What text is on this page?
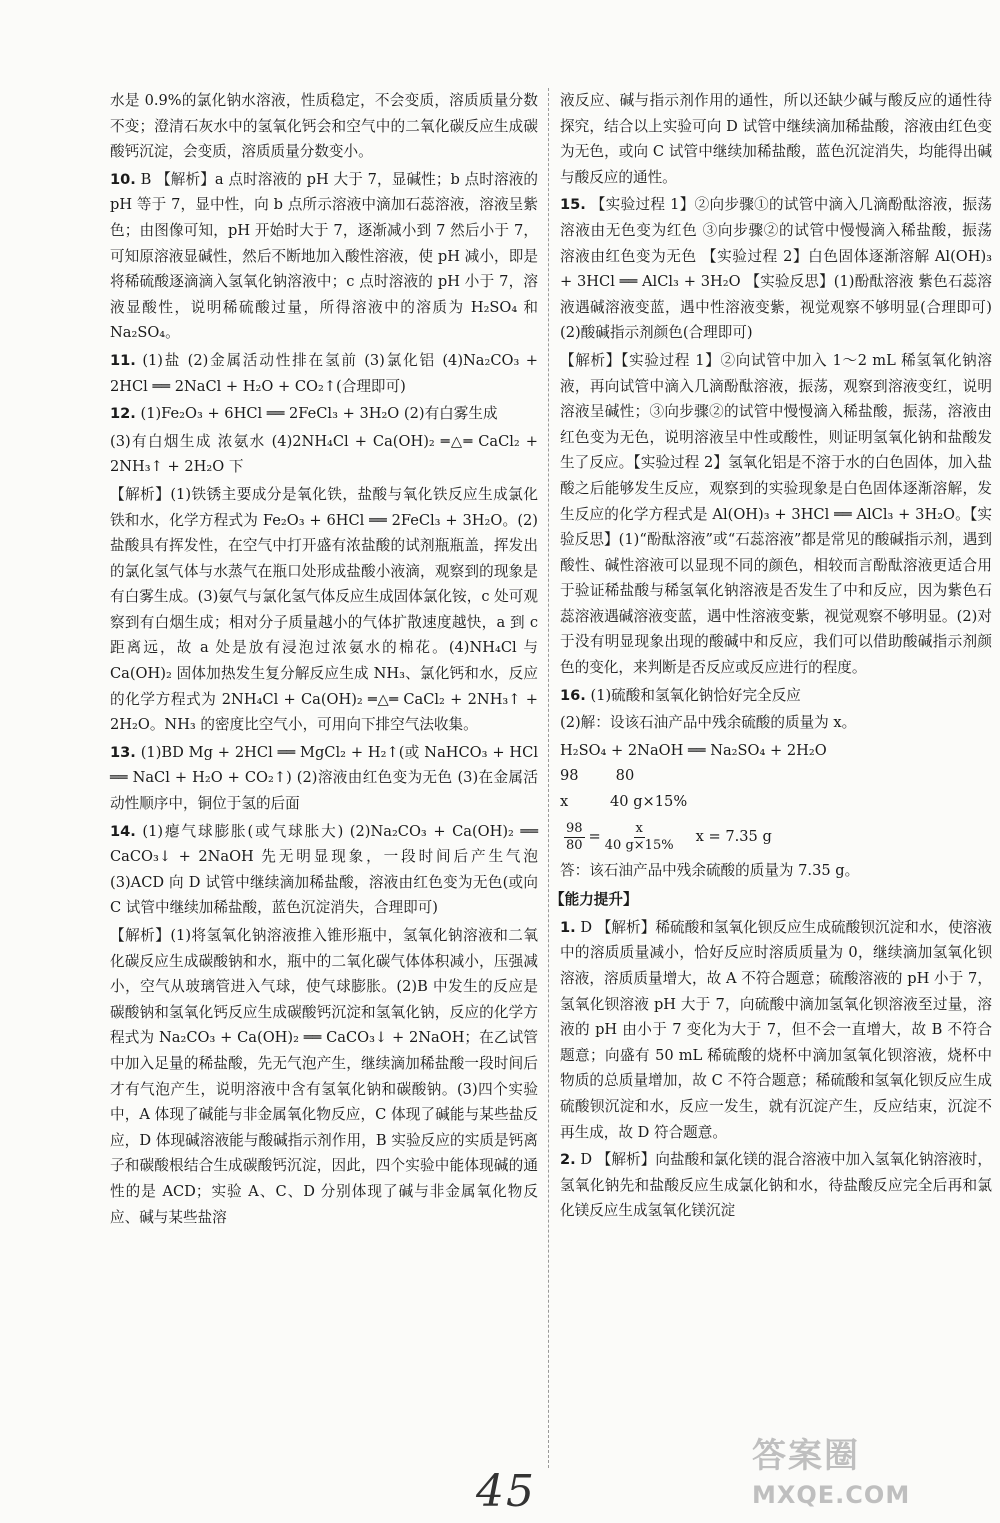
水是 0.9%的氯化钠水溶液，性质稳定，不会变质，溶质质量分数不变；澄清石灰水中的氢氧化钙会和空气中的二氧化碳反应生成碳酸钙沉淀，会变质，溶质质量分数变小。

10. B 【解析】a 点时溶液的 pH 大于 7，显碱性；b 点时溶液的 pH 等于 7，显中性，向 b 点所示溶液中滴加石蕊溶液，溶液呈紫色；由图像可知，pH 开始时大于 7，逐渐减小到 7 然后小于 7，可知原溶液显碱性，然后不断地加入酸性溶液，使 pH 减小，即是将稀硫酸逐滴滴入氢氧化钠溶液中；c 点时溶液的 pH 小于 7，溶液显酸性，说明稀硫酸过量，所得溶液中的溶质为 H₂SO₄ 和 Na₂SO₄。

11. (1)盐 (2)金属活动性排在氢前 (3)氯化铝 (4)Na₂CO₃ + 2HCl ══ 2NaCl + H₂O + CO₂↑(合理即可)

12. (1)Fe₂O₃ + 6HCl ══ 2FeCl₃ + 3H₂O (2)有白雾生成

(3)有白烟生成 浓氨水 (4)2NH₄Cl + Ca(OH)₂ ═△═ CaCl₂ + 2NH₃↑ + 2H₂O 下

【解析】(1)铁锈主要成分是氧化铁，盐酸与氧化铁反应生成氯化铁和水，化学方程式为 Fe₂O₃ + 6HCl ══ 2FeCl₃ + 3H₂O。(2)盐酸具有挥发性，在空气中打开盛有浓盐酸的试剂瓶瓶盖，挥发出的氯化氢气体与水蒸气在瓶口处形成盐酸小液滴，观察到的现象是有白雾生成。(3)氨气与氯化氢气体反应生成固体氯化铵，c 处可观察到有白烟生成；相对分子质量越小的气体扩散速度越快，a 到 c 距离远，故 a 处是放有浸泡过浓氨水的棉花。(4)NH₄Cl 与 Ca(OH)₂ 固体加热发生复分解反应生成 NH₃、氯化钙和水，反应的化学方程式为 2NH₄Cl + Ca(OH)₂ ═△═ CaCl₂ + 2NH₃↑ + 2H₂O。NH₃ 的密度比空气小，可用向下排空气法收集。

13. (1)BD Mg + 2HCl ══ MgCl₂ + H₂↑(或 NaHCO₃ + HCl ══ NaCl + H₂O + CO₂↑) (2)溶液由红色变为无色 (3)在金属活动性顺序中，铜位于氢的后面

14. (1)瘪气球膨胀(或气球胀大) (2)Na₂CO₃ + Ca(OH)₂ ══ CaCO₃↓ + 2NaOH 先无明显现象，一段时间后产生气泡 (3)ACD 向 D 试管中继续滴加稀盐酸，溶液由红色变为无色(或向 C 试管中继续加稀盐酸，蓝色沉淀消失，合理即可)

【解析】(1)将氢氧化钠溶液推入锥形瓶中，氢氧化钠溶液和二氧化碳反应生成碳酸钠和水，瓶中的二氧化碳气体体积减小，压强减小，空气从玻璃管进入气球，使气球膨胀。(2)B 中发生的反应是碳酸钠和氢氧化钙反应生成碳酸钙沉淀和氢氧化钠，反应的化学方程式为 Na₂CO₃ + Ca(OH)₂ ══ CaCO₃↓ + 2NaOH；在乙试管中加入足量的稀盐酸，先无气泡产生，继续滴加稀盐酸一段时间后才有气泡产生，说明溶液中含有氢氧化钠和碳酸钠。(3)四个实验中，A 体现了碱能与非金属氧化物反应，C 体现了碱能与某些盐反应，D 体现碱溶液能与酸碱指示剂作用，B 实验反应的实质是钙离子和碳酸根结合生成碳酸钙沉淀，因此，四个实验中能体现碱的通性的是 ACD；实验 A、C、D 分别体现了碱与非金属氧化物反应、碱与某些盐溶

液反应、碱与指示剂作用的通性，所以还缺少碱与酸反应的通性待探究，结合以上实验可向 D 试管中继续滴加稀盐酸，溶液由红色变为无色，或向 C 试管中继续加稀盐酸，蓝色沉淀消失，均能得出碱与酸反应的通性。

15. 【实验过程 1】②向步骤①的试管中滴入几滴酚酞溶液，振荡 溶液由无色变为红色 ③向步骤②的试管中慢慢滴入稀盐酸，振荡 溶液由红色变为无色 【实验过程 2】白色固体逐渐溶解 Al(OH)₃ + 3HCl ══ AlCl₃ + 3H₂O 【实验反思】(1)酚酞溶液 紫色石蕊溶液遇碱溶液变蓝，遇中性溶液变紫，视觉观察不够明显(合理即可) (2)酸碱指示剂颜色(合理即可)

【解析】【实验过程 1】②向试管中加入 1～2 mL 稀氢氧化钠溶液，再向试管中滴入几滴酚酞溶液，振荡，观察到溶液变红，说明溶液呈碱性；③向步骤②的试管中慢慢滴入稀盐酸，振荡，溶液由红色变为无色，说明溶液呈中性或酸性，则证明氢氧化钠和盐酸发生了反应。【实验过程 2】氢氧化铝是不溶于水的白色固体，加入盐酸之后能够发生反应，观察到的实验现象是白色固体逐渐溶解，发生反应的化学方程式是 Al(OH)₃ + 3HCl ══ AlCl₃ + 3H₂O。【实验反思】(1)“酚酞溶液”或“石蕊溶液”都是常见的酸碱指示剂，遇到酸性、碱性溶液可以显现不同的颜色，相较而言酚酞溶液更适合用于验证稀盐酸与稀氢氧化钠溶液是否发生了中和反应，因为紫色石蕊溶液遇碱溶液变蓝，遇中性溶液变紫，视觉观察不够明显。(2)对于没有明显现象出现的酸碱中和反应，我们可以借助酸碱指示剂颜色的变化，来判断是否反应或反应进行的程度。

16. (1)硫酸和氢氧化钠恰好完全反应

(2)解：设该石油产品中残余硫酸的质量为 x。

H₂SO₄ + 2NaOH ══ Na₂SO₄ + 2H₂O

98        80

x         40 g×15%

$\frac{98}{80} = \frac{x}{40 g\times 15\%}$ x = 7.35 g

答：该石油产品中残余硫酸的质量为 7.35 g。

【能力提升】

1. D 【解析】稀硫酸和氢氧化钡反应生成硫酸钡沉淀和水，使溶液中的溶质质量减小，恰好反应时溶质质量为 0，继续滴加氢氧化钡溶液，溶质质量增大，故 A 不符合题意；硫酸溶液的 pH 小于 7，氢氧化钡溶液 pH 大于 7，向硫酸中滴加氢氧化钡溶液至过量，溶液的 pH 由小于 7 变化为大于 7，但不会一直增大，故 B 不符合题意；向盛有 50 mL 稀硫酸的烧杯中滴加氢氧化钡溶液，烧杯中物质的总质量增加，故 C 不符合题意；稀硫酸和氢氧化钡反应生成硫酸钡沉淀和水，反应一发生，就有沉淀产生，反应结束，沉淀不再生成，故 D 符合题意。

2. D 【解析】向盐酸和氯化镁的混合溶液中加入氢氧化钠溶液时，氢氧化钠先和盐酸反应生成氯化钠和水，待盐酸反应完全后再和氯化镁反应生成氢氧化镁沉淀

45
答案圈
MXQE.COM
